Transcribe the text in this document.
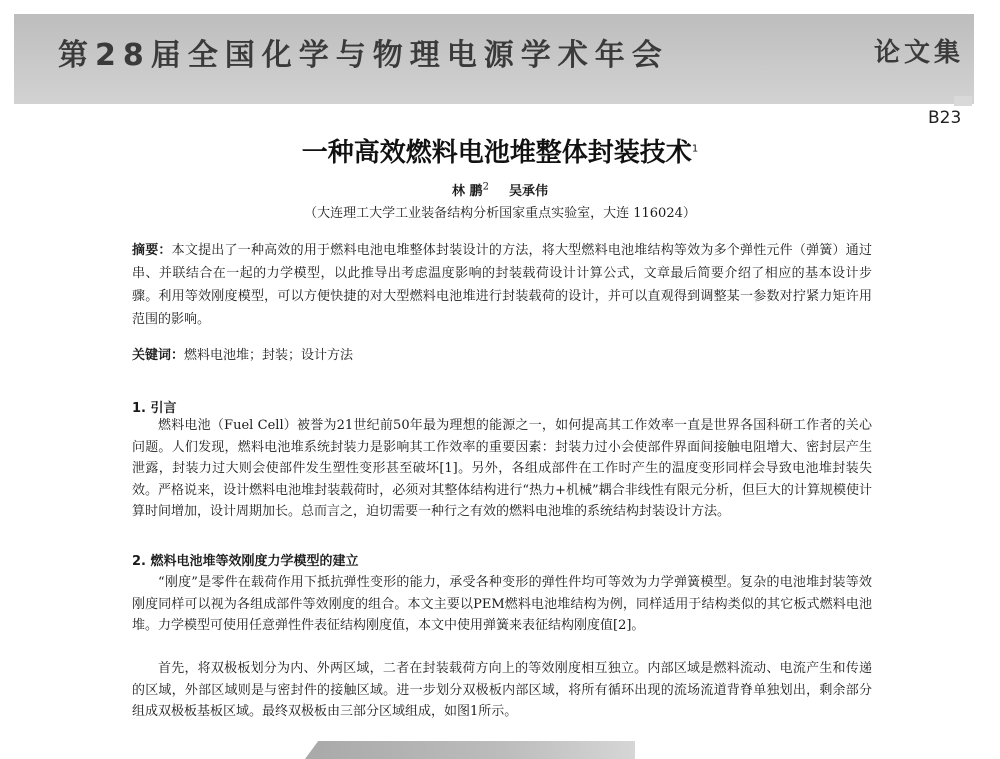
第28届全国化学与物理电源学术年会	论文集
B23
一种高效燃料电池堆整体封装技术$^1$
林 鹏$^2$ 吴承伟
（大连理工大学工业装备结构分析国家重点实验室，大连 116024）

摘要：本文提出了一种高效的用于燃料电池电堆整体封装设计的方法，将大型燃料电池堆结构等效为多个弹性元件（弹簧）通过串、并联结合在一起的力学模型，以此推导出考虑温度影响的封装载荷设计计算公式，文章最后简要介绍了相应的基本设计步骤。利用等效刚度模型，可以方便快捷的对大型燃料电池堆进行封装载荷的设计，并可以直观得到调整某一参数对拧紧力矩许用范围的影响。

关键词：燃料电池堆；封装；设计方法

1. 引言

燃料电池（Fuel Cell）被誉为21世纪前50年最为理想的能源之一，如何提高其工作效率一直是世界各国科研工作者的关心问题。人们发现，燃料电池堆系统封装力是影响其工作效率的重要因素：封装力过小会使部件界面间接触电阻增大、密封层产生泄露，封装力过大则会使部件发生塑性变形甚至破坏[1]。另外，各组成部件在工作时产生的温度变形同样会导致电池堆封装失效。严格说来，设计燃料电池堆封装载荷时，必须对其整体结构进行“热力+机械”耦合非线性有限元分析，但巨大的计算规模使计算时间增加，设计周期加长。总而言之，迫切需要一种行之有效的燃料电池堆的系统结构封装设计方法。

2. 燃料电池堆等效刚度力学模型的建立

“刚度”是零件在载荷作用下抵抗弹性变形的能力，承受各种变形的弹性件均可等效为力学弹簧模型。复杂的电池堆封装等效刚度同样可以视为各组成部件等效刚度的组合。本文主要以PEM燃料电池堆结构为例，同样适用于结构类似的其它板式燃料电池堆。力学模型可使用任意弹性件表征结构刚度值，本文中使用弹簧来表征结构刚度值[2]。

首先，将双极板划分为内、外两区域，二者在封装载荷方向上的等效刚度相互独立。内部区域是燃料流动、电流产生和传递的区域，外部区域则是与密封件的接触区域。进一步划分双极板内部区域，将所有循环出现的流场流道背脊单独划出，剩余部分组成双极板基板区域。最终双极板由三部分区域组成，如图1所示。
